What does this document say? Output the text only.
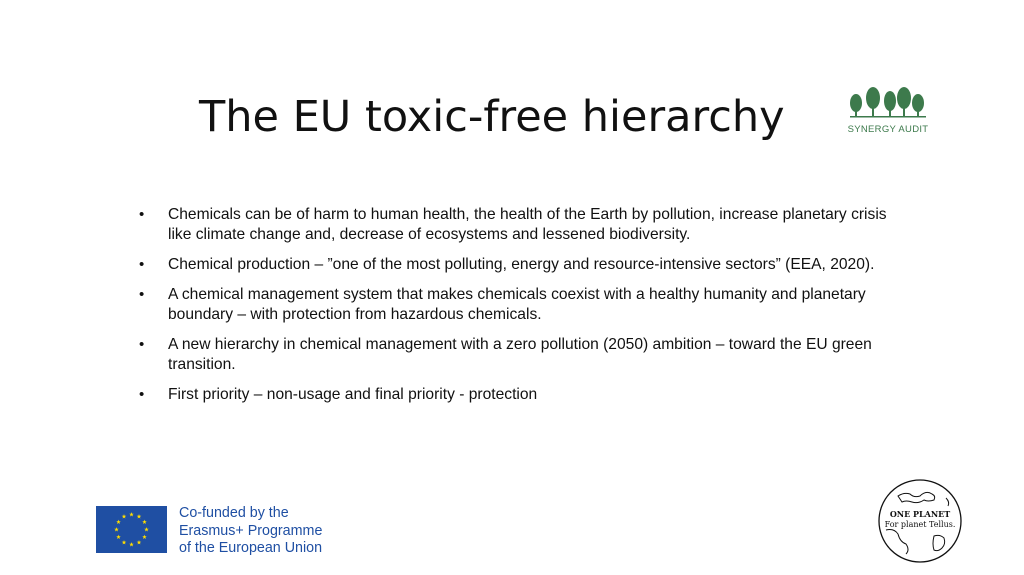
The EU toxic-free hierarchy	SYNERGY AUDIT
• Chemicals can be of harm to human health, the health of the Earth by pollution, increase planetary crisis like climate change and, decrease of ecosystems and lessened biodiversity.
• Chemical production – ”one of the most polluting, energy and resource-intensive sectors” (EEA, 2020).
• A chemical management system that makes chemicals coexist with a healthy humanity and planetary boundary – with protection from hazardous chemicals.
• A new hierarchy in chemical management with a zero pollution (2050) ambition – toward the EU green transition.
• First priority – non-usage and final priority - protection
Co-funded by the
Erasmus+ Programme
of the European Union
ONE PLANET
For planet Tellus.
